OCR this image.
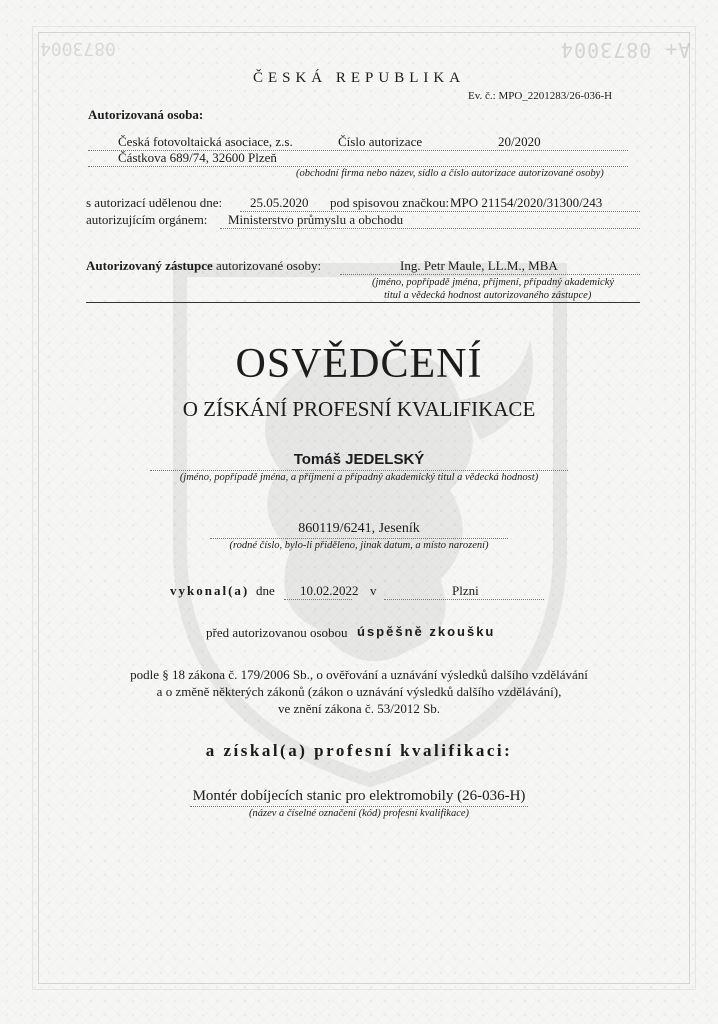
A+ 0873004
0873004
ČESKÁ REPUBLIKA
Ev. č.: MPO_2201283/26-036-H
Autorizovaná osoba:
Česká fotovoltaická asociace, z.s.	Číslo autorizace	20/2020
Částkova 689/74, 32600 Plzeň
(obchodní firma nebo název, sídlo a číslo autorizace autorizované osoby)
s autorizací udělenou dne: 25.05.2020 pod spisovou značkou: MPO 21154/2020/31300/243
autorizujícím orgánem: Ministerstvo průmyslu a obchodu
Autorizovaný zástupce autorizované osoby:	Ing. Petr Maule, LL.M., MBA
(jméno, popřípadě jména, příjmení, případný akademický
titul a vědecká hodnost autorizovaného zástupce)
OSVĚDČENÍ
O ZÍSKÁNÍ PROFESNÍ KVALIFIKACE
Tomáš JEDELSKÝ
(jméno, popřípadě jména, a příjmení a případný akademický titul a vědecká hodnost)
860119/6241, Jeseník
(rodné číslo, bylo-li přiděleno, jinak datum, a místo narození)
vykonal(a) dne 10.02.2022 v	Plzni
před autorizovanou osobou úspěšně zkoušku
podle § 18 zákona č. 179/2006 Sb., o ověřování a uznávání výsledků dalšího vzdělávání
a o změně některých zákonů (zákon o uznávání výsledků dalšího vzdělávání),
ve znění zákona č. 53/2012 Sb.
a získal(a) profesní kvalifikaci:
Montér dobíjecích stanic pro elektromobily (26-036-H)
(název a číselné označení (kód) profesní kvalifikace)
